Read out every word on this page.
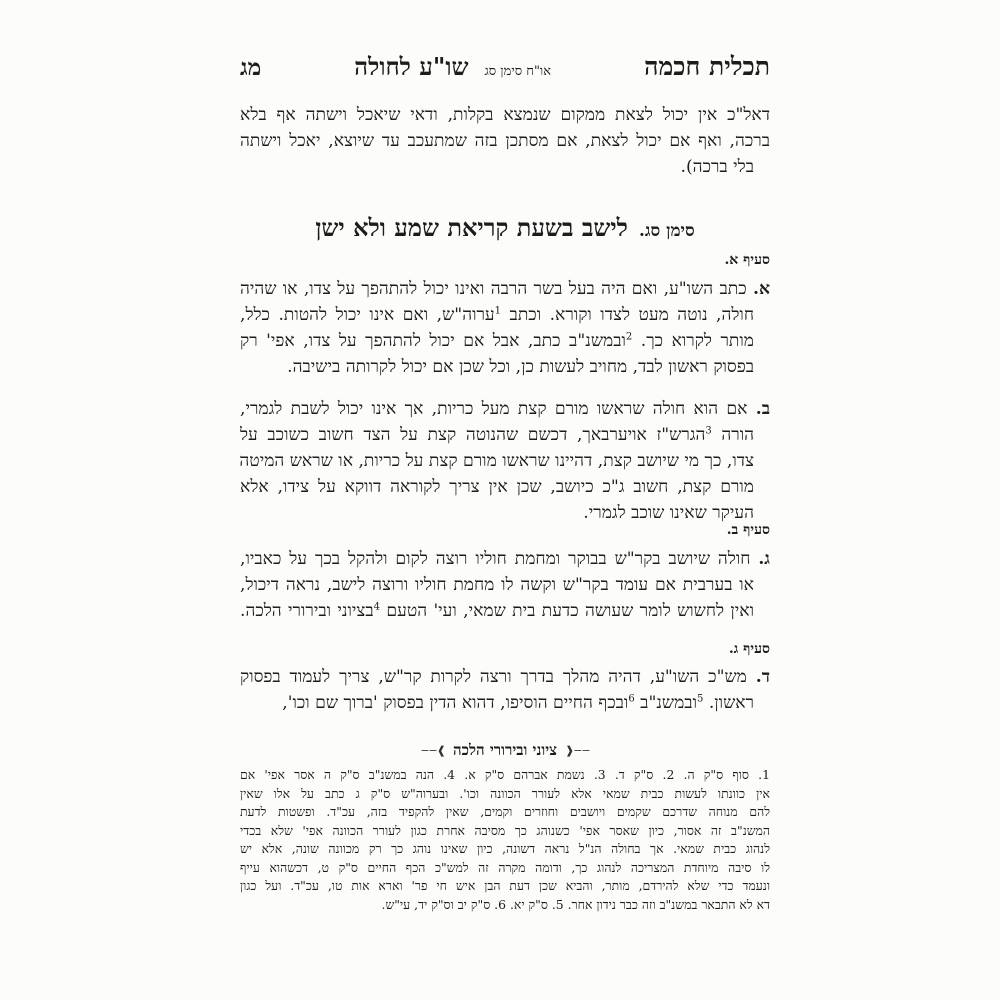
תכלית חכמה
או"ח סימן סג
שו"ע לחולה
מג
דאל"כ אין יכול לצאת ממקום שנמצא בקלות, ודאי שיאכל וישתה אף בלא
ברכה, ואף אם יכול לצאת, אם מסתכן בזה שמתעכב עד שיוצא, יאכל וישתה
בלי ברכה).
סימן סג. לישב בשעת קריאת שמע ולא ישן
סעיף א.
א. כתב השו"ע, ואם היה בעל בשר הרבה ואינו יכול להתהפך על צדו, או שהיה
חולה, נוטה מעט לצדו וקורא. וכתב $^1$ערוה"ש, ואם אינו יכול להטות. כלל,
מותר לקרוא כך. $^2$ובמשנ"ב כתב, אבל אם יכול להתהפך על צדו, אפי' רק
בפסוק ראשון לבד, מחויב לעשות כן, וכל שכן אם יכול לקרותה בישיבה.
ב. אם הוא חולה שראשו מורם קצת מעל כריות, אך אינו יכול לשבת לגמרי,
הורה $^3$הגרש"ז אויערבאך, דכשם שהנוטה קצת על הצד חשוב כשוכב על
צדו, כך מי שיושב קצת, דהיינו שראשו מורם קצת על כריות, או שראש המיטה
מורם קצת, חשוב ג"כ כיושב, שכן אין צריך לקוראה דווקא על צידו, אלא
העיקר שאינו שוכב לגמרי.
סעיף ב.
ג. חולה שיושב בקר"ש בבוקר ומחמת חוליו רוצה לקום ולהקל בכך על כאביו,
או בערבית אם עומד בקר"ש וקשה לו מחמת חוליו ורוצה לישב, נראה דיכול,
ואין לחשוש לומר שעושה כדעת בית שמאי, ועי' הטעם $^4$בציוני ובירורי הלכה.
סעיף ג.
ד. מש"כ השו"ע, דהיה מהלך בדרך ורצה לקרות קר"ש, צריך לעמוד בפסוק
ראשון. $^5$ובמשנ"ב $^6$ובכף החיים הוסיפו, דהוא הדין בפסוק 'ברוך שם וכו',
−−❰
ציוני ובירורי הלכה
❱−−
1. סוף ס"ק ה. 2. ס"ק ד. 3. נשמת אברהם ס"ק א. 4. הנה במשנ"ב ס"ק ה אסר אפי' אם
אין כוונתו לעשות כבית שמאי אלא לעורר הכוונה וכו'. ובערוה"ש ס"ק ג כתב על אלו שאין
להם מנוחה שדרכם שקמים ויושבים וחוזרים וקמים, שאין להקפיד בזה, עכ"ד. ופשטות לדעת
המשנ"ב זה אסור, כיון שאסר אפי' כשנוהג כך מסיבה אחרת כגון לעורר הכוונה אפי' שלא בכדי
לנהוג כבית שמאי. אך בחולה הנ"ל נראה דשונה, כיון שאינו נוהג כך רק מכוונה שונה, אלא יש
לו סיבה מיוחדת המצריכה לנהוג כך, ודומה מקרה זה למש"כ הכף החיים ס"ק ט, דכשהוא עייף
ונעמד כדי שלא להירדם, מותר, והביא שכן דעת הבן איש חי פר' וארא אות טו, עכ"ד. ועל כגון
דא לא התבאר במשנ"ב וזה כבר נידון אחר. 5. ס"ק יא. 6. ס"ק יב וס"ק יד, עי"ש.
